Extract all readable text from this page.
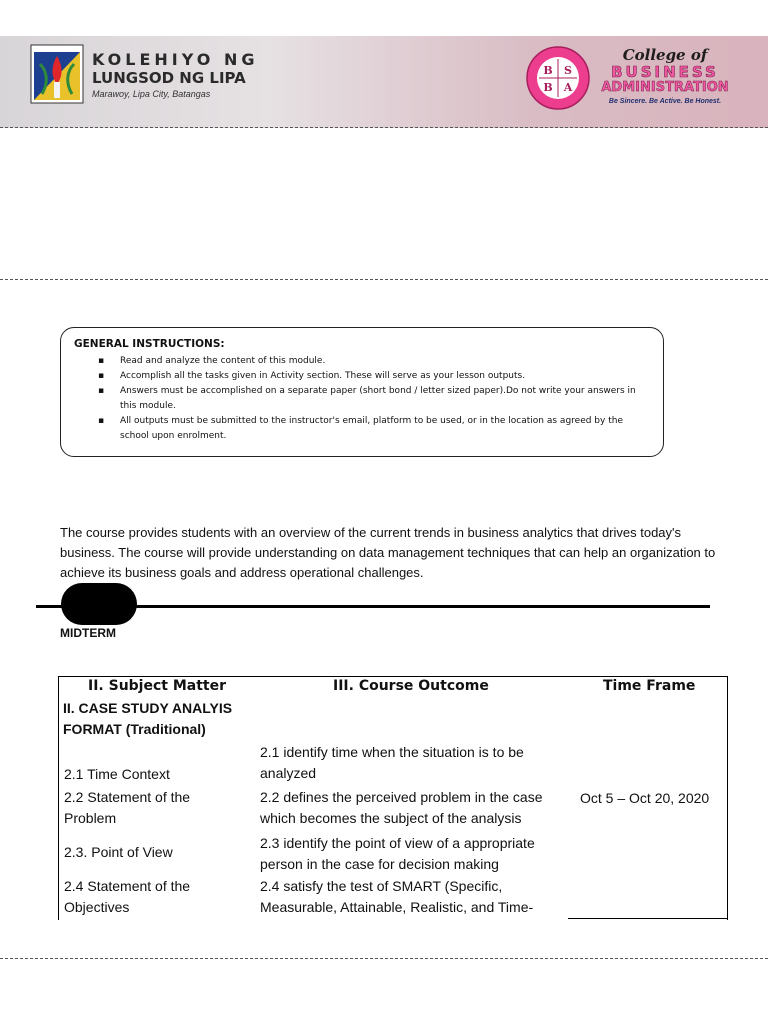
KOLEHIYO NG
LUNGSOD NG LIPA
Marawoy, Lipa City, Batangas
B S
B A
College of
BUSINESS
ADMINISTRATION
Be Sincere. Be Active. Be Honest.
GENERAL INSTRUCTIONS:
▪ Read and analyze the content of this module.
▪ Accomplish all the tasks given in Activity section. These will serve as your lesson outputs.
▪ Answers must be accomplished on a separate paper (short bond / letter sized paper).Do not write your answers in this module.
▪ All outputs must be submitted to the instructor's email, platform to be used, or in the location as agreed by the school upon enrolment.
The course provides students with an overview of the current trends in business analytics that drives today's business. The course will provide understanding on data management techniques that can help an organization to achieve its business goals and address operational challenges.
MIDTERM
II. Subject Matter	III. Course Outcome	Time Frame
II. CASE STUDY ANALYIS FORMAT (Traditional)
2.1 identify time when the situation is to be analyzed
2.1 Time Context
2.2 Statement of the Problem
2.2 defines the perceived problem in the case which becomes the subject of the analysis
Oct 5 – Oct 20, 2020
2.3. Point of View
2.3 identify the point of view of a appropriate person in the case for decision making
2.4 Statement of the Objectives
2.4 satisfy the test of SMART (Specific, Measurable, Attainable, Realistic, and Time-
